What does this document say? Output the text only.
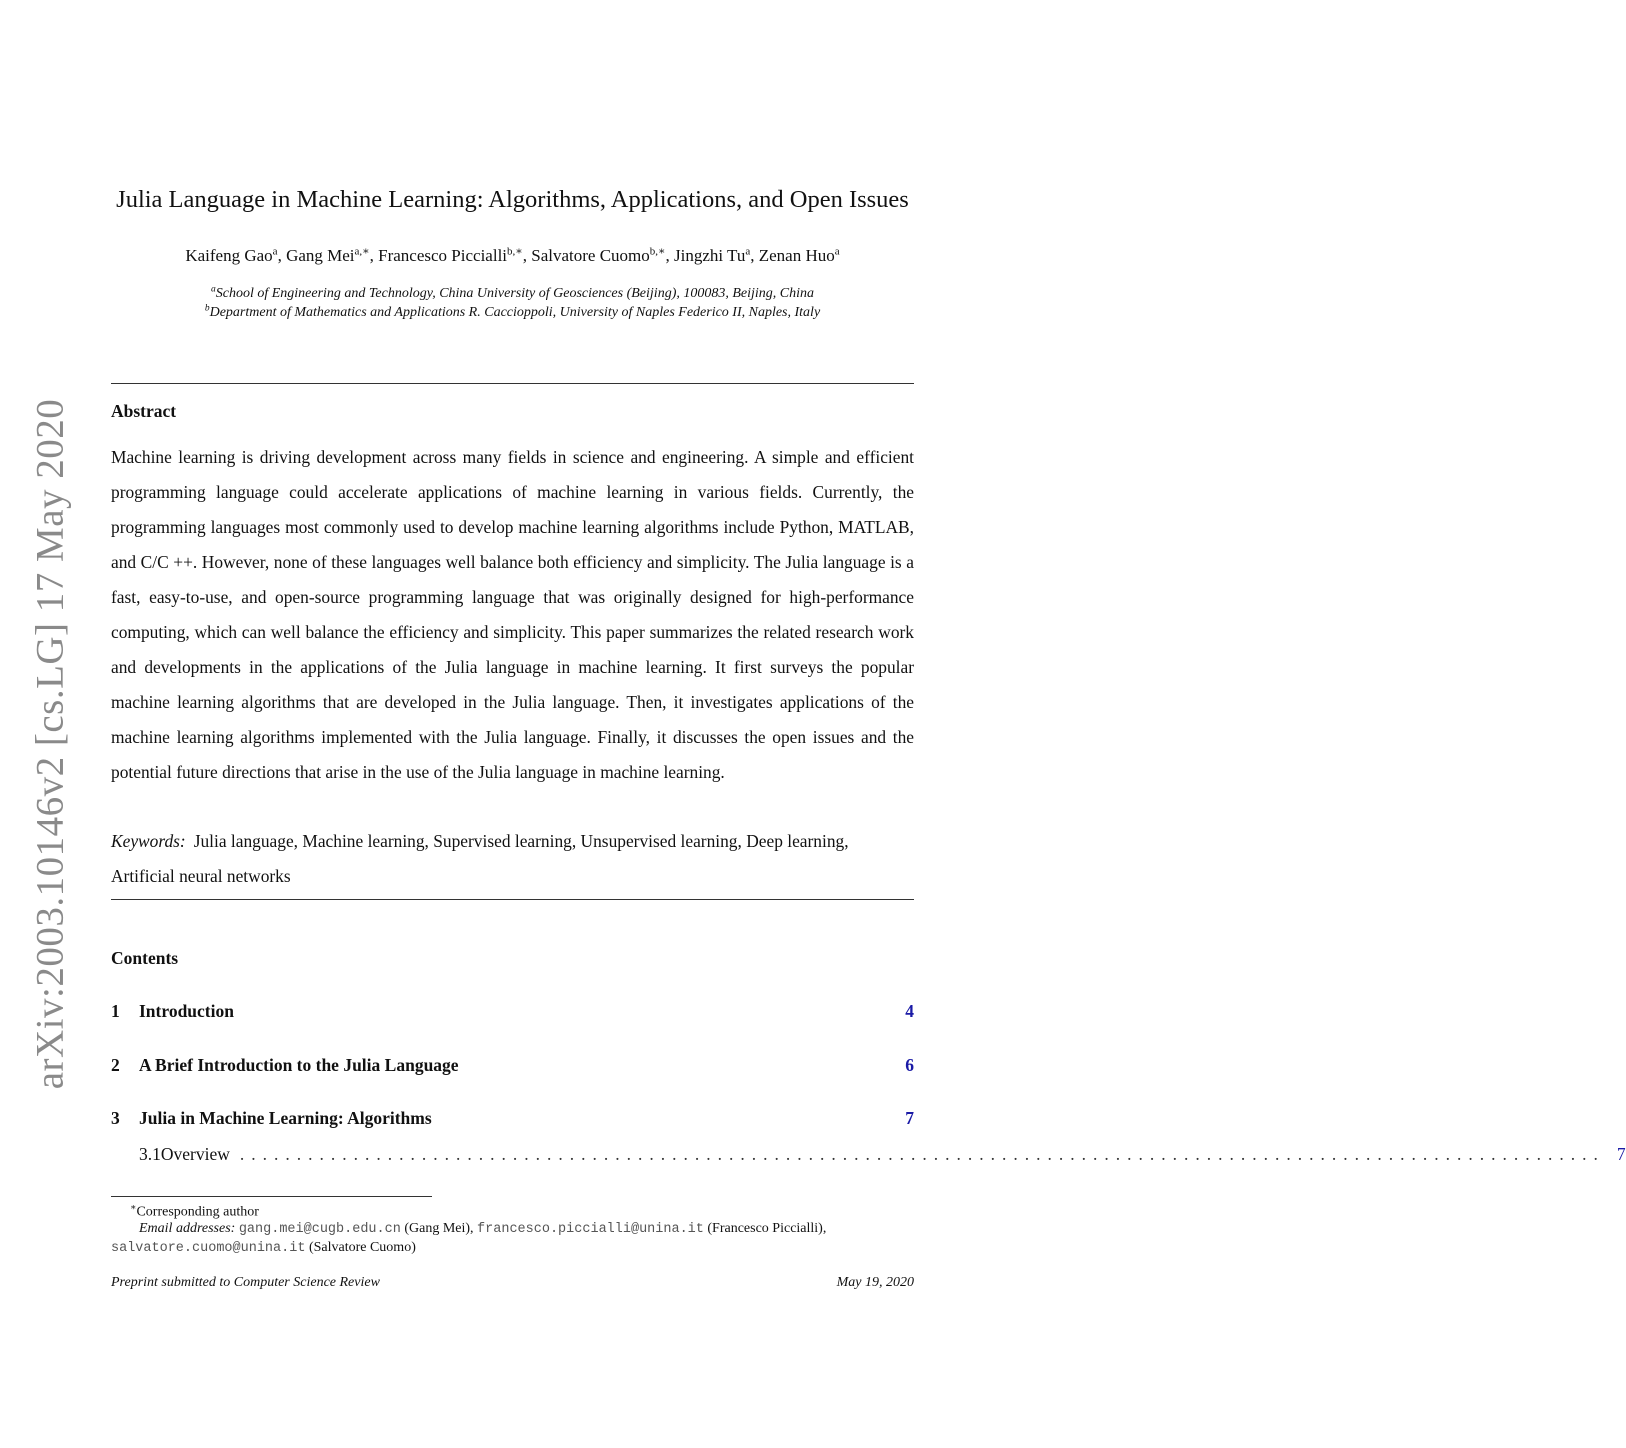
arXiv:2003.10146v2 [cs.LG] 17 May 2020
Julia Language in Machine Learning: Algorithms, Applications, and Open Issues
Kaifeng Gao$^a$, Gang Mei$^{a,∗}$, Francesco Piccialli$^{b,∗}$, Salvatore Cuomo$^{b,∗}$, Jingzhi Tu$^a$, Zenan Huo$^a$
$^a$School of Engineering and Technology, China University of Geosciences (Beijing), 100083, Beijing, China
$^b$Department of Mathematics and Applications R. Caccioppoli, University of Naples Federico II, Naples, Italy
Abstract

Machine learning is driving development across many fields in science and engineering. A simple and efficient programming language could accelerate applications of machine learning in various fields. Currently, the programming languages most commonly used to develop machine learning algorithms include Python, MATLAB, and C/C ++. However, none of these languages well balance both efficiency and simplicity. The Julia language is a fast, easy-to-use, and open-source programming language that was originally designed for high-performance computing, which can well balance the efficiency and simplicity. This paper summarizes the related research work and developments in the applications of the Julia language in machine learning. It first surveys the popular machine learning algorithms that are developed in the Julia language. Then, it investigates applications of the machine learning algorithms implemented with the Julia language. Finally, it discusses the open issues and the potential future directions that arise in the use of the Julia language in machine learning.

Keywords: Julia language, Machine learning, Supervised learning, Unsupervised learning, Deep learning, Artificial neural networks

Contents
1 Introduction	4
2 A Brief Introduction to the Julia Language	6
3 Julia in Machine Learning: Algorithms	7
3.1 Overview ........................................................................................................................ 7
∗Corresponding author
Email addresses: gang.mei@cugb.edu.cn (Gang Mei), francesco.piccialli@unina.it (Francesco Piccialli),
salvatore.cuomo@unina.it (Salvatore Cuomo)
Preprint submitted to Computer Science Review	May 19, 2020
